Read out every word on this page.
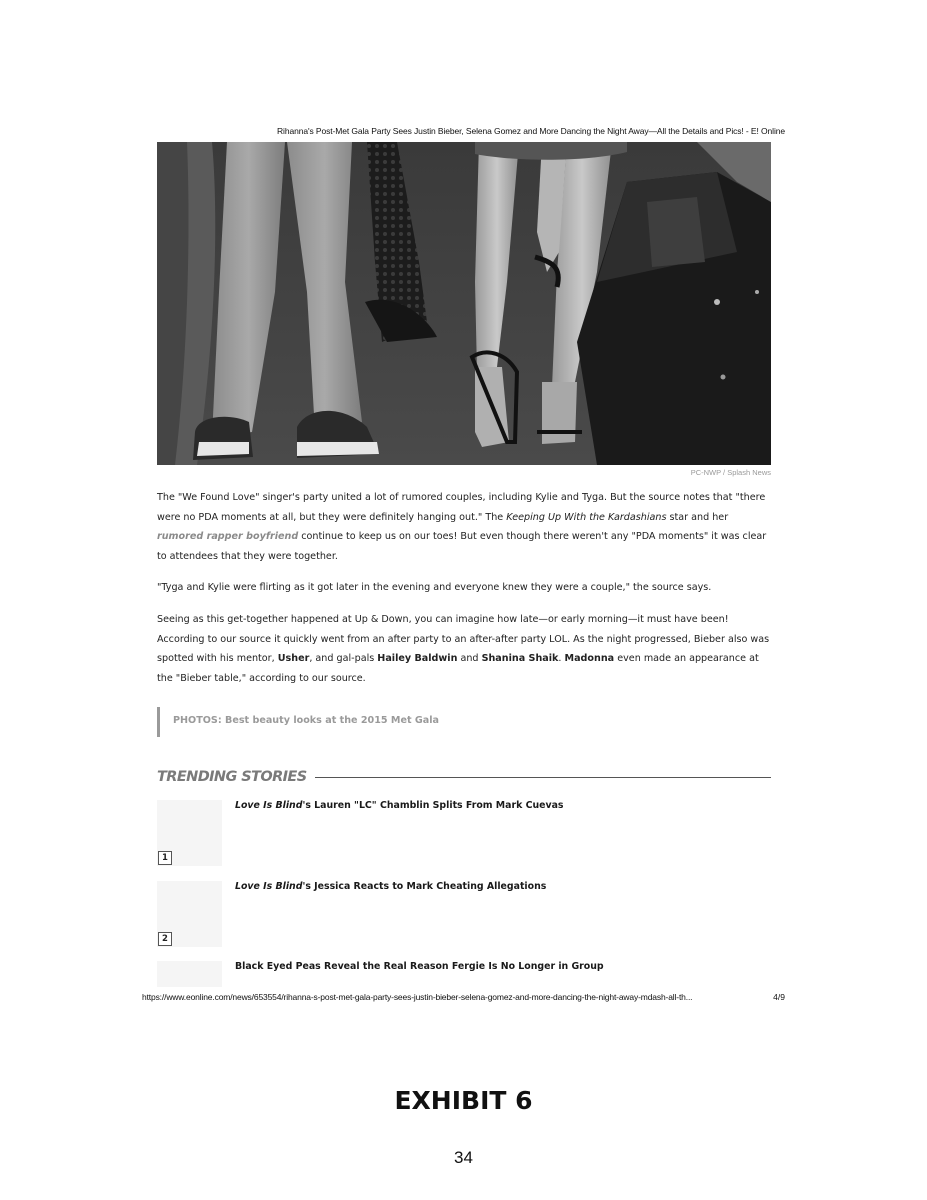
Rihanna's Post-Met Gala Party Sees Justin Bieber, Selena Gomez and More Dancing the Night Away—All the Details and Pics! - E! Online
PC-NWP / Splash News

The "We Found Love" singer's party united a lot of rumored couples, including Kylie and Tyga. But the source notes that "there were no PDA moments at all, but they were definitely hanging out." The Keeping Up With the Kardashians star and her rumored rapper boyfriend continue to keep us on our toes! But even though there weren't any "PDA moments" it was clear to attendees that they were together.

"Tyga and Kylie were flirting as it got later in the evening and everyone knew they were a couple," the source says.

Seeing as this get-together happened at Up & Down, you can imagine how late—or early morning—it must have been! According to our source it quickly went from an after party to an after-after party LOL. As the night progressed, Bieber also was spotted with his mentor, Usher, and gal-pals Hailey Baldwin and Shanina Shaik. Madonna even made an appearance at the "Bieber table," according to our source.

PHOTOS: Best beauty looks at the 2015 Met Gala
TRENDING STORIES
1
Love Is Blind's Lauren "LC" Chamblin Splits From Mark Cuevas
2
Love Is Blind's Jessica Reacts to Mark Cheating Allegations
Black Eyed Peas Reveal the Real Reason Fergie Is No Longer in Group
https://www.eonline.com/news/653554/rihanna-s-post-met-gala-party-sees-justin-bieber-selena-gomez-and-more-dancing-the-night-away-mdash-all-th...	4/9
EXHIBIT 6
34
